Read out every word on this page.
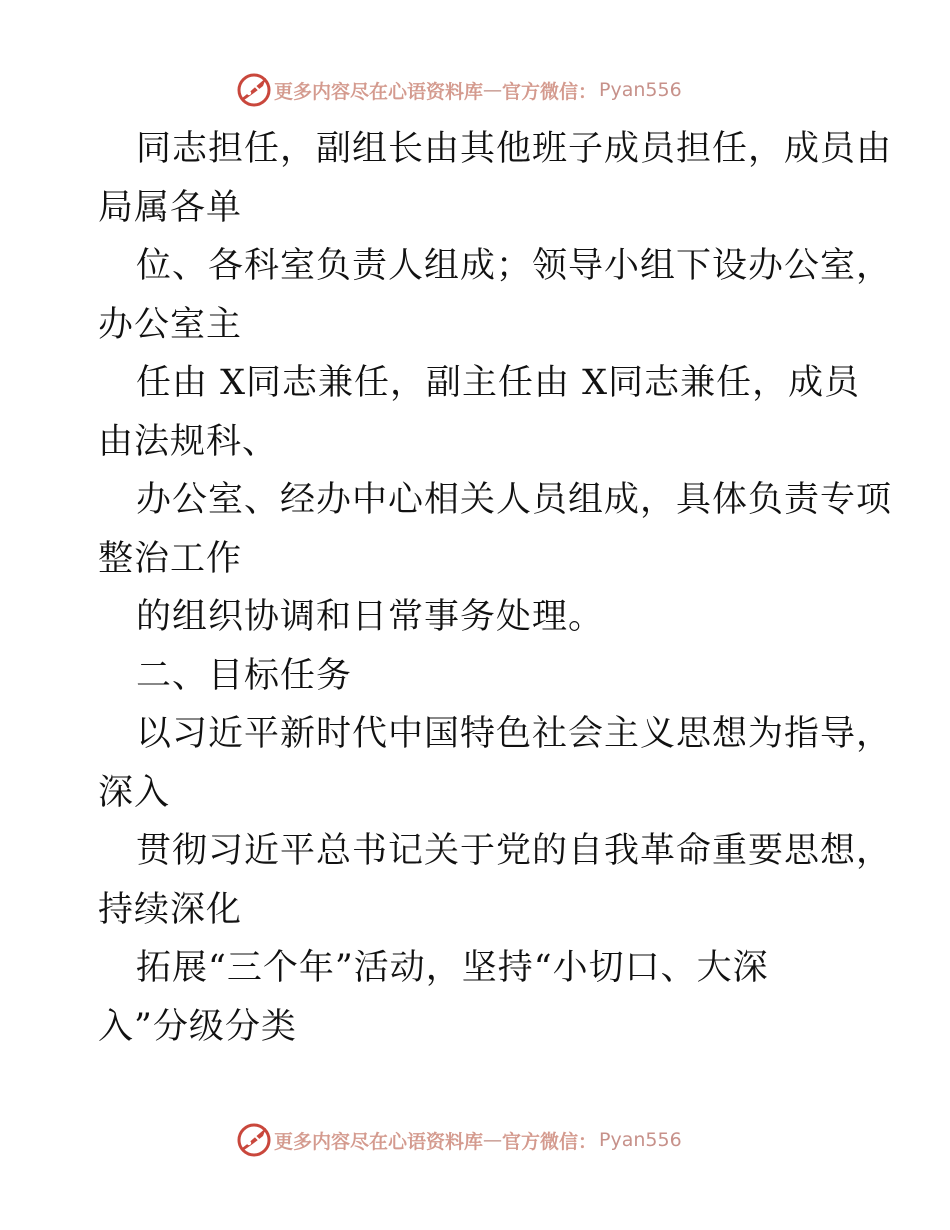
更多内容尽在心语资料库 — 官方微信： Pyan556
同志担任，副组长由其他班子成员担任，成员由
局属各单
位、各科室负责人组成；领导小组下设办公室，
办公室主
任由 X同志兼任，副主任由 X同志兼任，成员
由法规科、
办公室、经办中心相关人员组成，具体负责专项
整治工作
的组织协调和日常事务处理。
二、目标任务
以习近平新时代中国特色社会主义思想为指导，
深入
贯彻习近平总书记关于党的自我革命重要思想，
持续深化
拓展“三个年”活动，坚持“小切口、大深
入”分级分类
更多内容尽在心语资料库 — 官方微信： Pyan556
